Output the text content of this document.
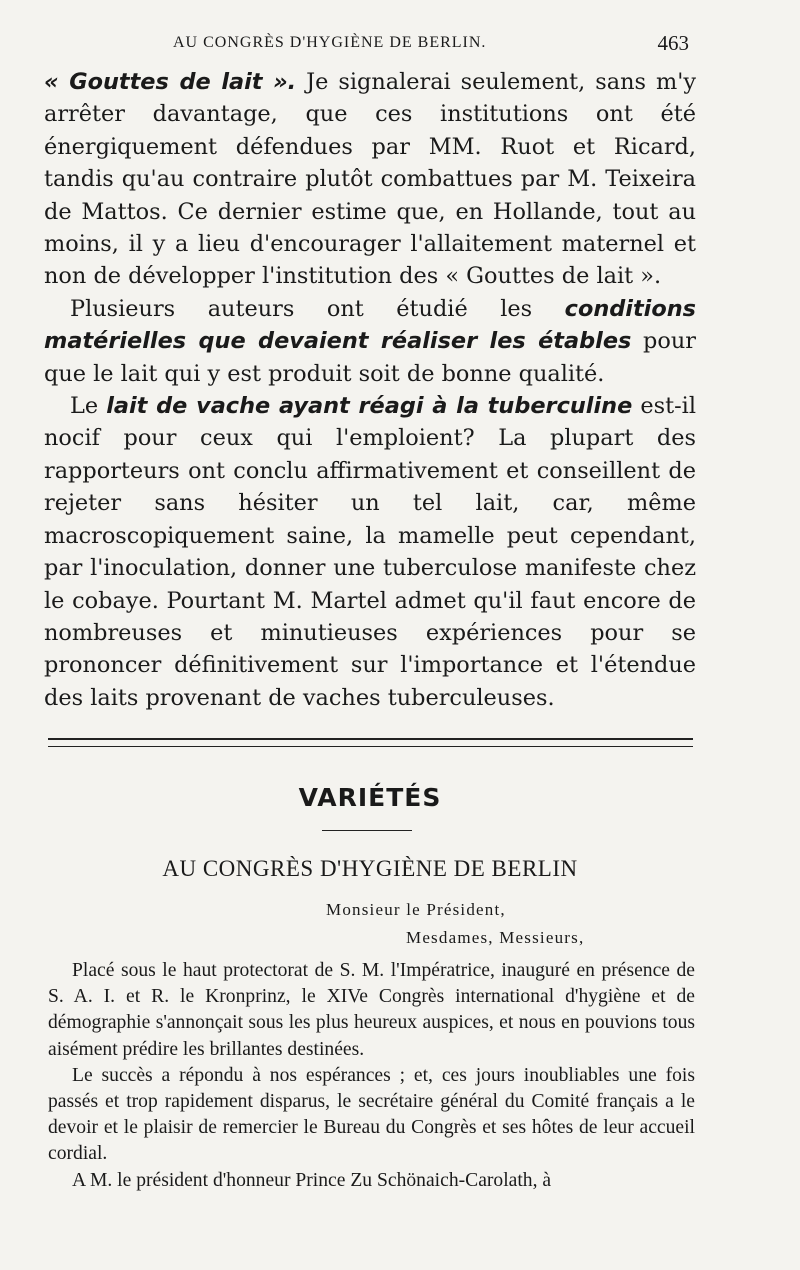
AU CONGRÈS D'HYGIÈNE DE BERLIN.	463

« Gouttes de lait ». Je signalerai seulement, sans m'y arrêter davantage, que ces institutions ont été énergiquement défendues par MM. Ruot et Ricard, tandis qu'au contraire plutôt combattues par M. Teixeira de Mattos. Ce dernier estime que, en Hollande, tout au moins, il y a lieu d'encourager l'allaitement maternel et non de développer l'institution des « Gouttes de lait ».

Plusieurs auteurs ont étudié les conditions matérielles que devaient réaliser les étables pour que le lait qui y est produit soit de bonne qualité.

Le lait de vache ayant réagi à la tuberculine est-il nocif pour ceux qui l'emploient? La plupart des rapporteurs ont conclu affirmativement et conseillent de rejeter sans hésiter un tel lait, car, même macroscopiquement saine, la mamelle peut cependant, par l'inoculation, donner une tuberculose manifeste chez le cobaye. Pourtant M. Martel admet qu'il faut encore de nombreuses et minutieuses expériences pour se prononcer définitivement sur l'importance et l'étendue des laits provenant de vaches tuberculeuses.

VARIÉTÉS
AU CONGRÈS D'HYGIÈNE DE BERLIN
Monsieur le Président,
Mesdames, Messieurs,

Placé sous le haut protectorat de S. M. l'Impératrice, inauguré en présence de S. A. I. et R. le Kronprinz, le XIVe Congrès international d'hygiène et de démographie s'annonçait sous les plus heureux auspices, et nous en pouvions tous aisément prédire les brillantes destinées.

Le succès a répondu à nos espérances ; et, ces jours inoubliables une fois passés et trop rapidement disparus, le secrétaire général du Comité français a le devoir et le plaisir de remercier le Bureau du Congrès et ses hôtes de leur accueil cordial.

A M. le président d'honneur Prince Zu Schönaich-Carolath, à
